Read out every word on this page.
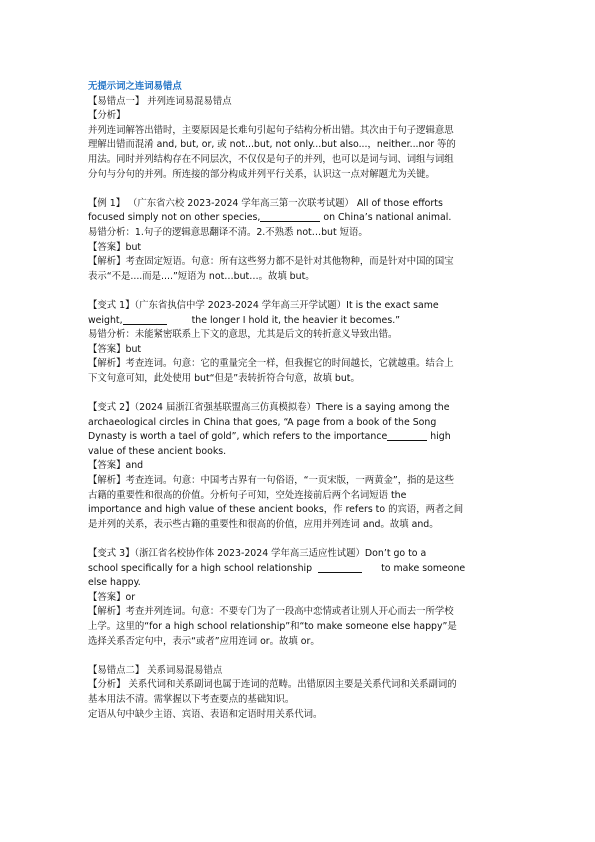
无提示词之连词易错点
【易错点一】 并列连词易混易错点
【分析】
并列连词解答出错时，主要原因是长难句引起句子结构分析出错。其次由于句子逻辑意思
理解出错而混淆 and, but, or, 或 not...but, not only...but also...，neither...nor 等的
用法。同时并列结构存在不同层次，不仅仅是句子的并列，也可以是词与词、词组与词组
分句与分句的并列。所连接的部分构成并列平行关系，认识这一点对解题尤为关键。
【例 1】 （广东省六校 2023-2024 学年高三第一次联考试题） All of those efforts
focused simply not on other species,	on China’s national animal.
易错分析：1.句子的逻辑意思翻译不清。2.不熟悉 not…but 短语。
【答案】but
【解析】考查固定短语。句意：所有这些努力都不是针对其他物种，而是针对中国的国宝
表示“不是....而是....”短语为 not…but…。故填 but。
【变式 1】（广东省执信中学 2023-2024 学年高三开学试题）It is the exact same
weight,	the longer I hold it, the heavier it becomes.”
易错分析：未能紧密联系上下文的意思，尤其是后文的转折意义导致出错。
【答案】but
【解析】考查连词。句意：它的重量完全一样，但我握它的时间越长，它就越重。结合上
下文句意可知，此处使用 but“但是”表转折符合句意，故填 but。
【变式 2】（2024 届浙江省强基联盟高三仿真模拟卷）There is a saying among the
archaeological circles in China that goes, “A page from a book of the Song
Dynasty is worth a tael of gold”, which refers to the importance	high
value of these ancient books.
【答案】and
【解析】考查连词。句意：中国考古界有一句俗语，“一页宋版，一两黄金”，指的是这些
古籍的重要性和很高的价值。分析句子可知，空处连接前后两个名词短语 the
importance and high value of these ancient books，作 refers to 的宾语，两者之间
是并列的关系，表示些古籍的重要性和很高的价值，应用并列连词 and。故填 and。
【变式 3】（浙江省名校协作体 2023-2024 学年高三适应性试题）Don’t go to a
school specifically for a high school relationship	to make someone
else happy.
【答案】or
【解析】考查并列连词。句意：不要专门为了一段高中恋情或者让别人开心而去一所学校
上学。这里的“for a high school relationship”和“to make someone else happy”是
选择关系否定句中，表示“或者”应用连词 or。故填 or。
【易错点二】 关系词易混易错点
【分析】 关系代词和关系副词也属于连词的范畴。出错原因主要是关系代词和关系副词的
基本用法不清。需掌握以下考查要点的基础知识。
定语从句中缺少主语、宾语、表语和定语时用关系代词。
